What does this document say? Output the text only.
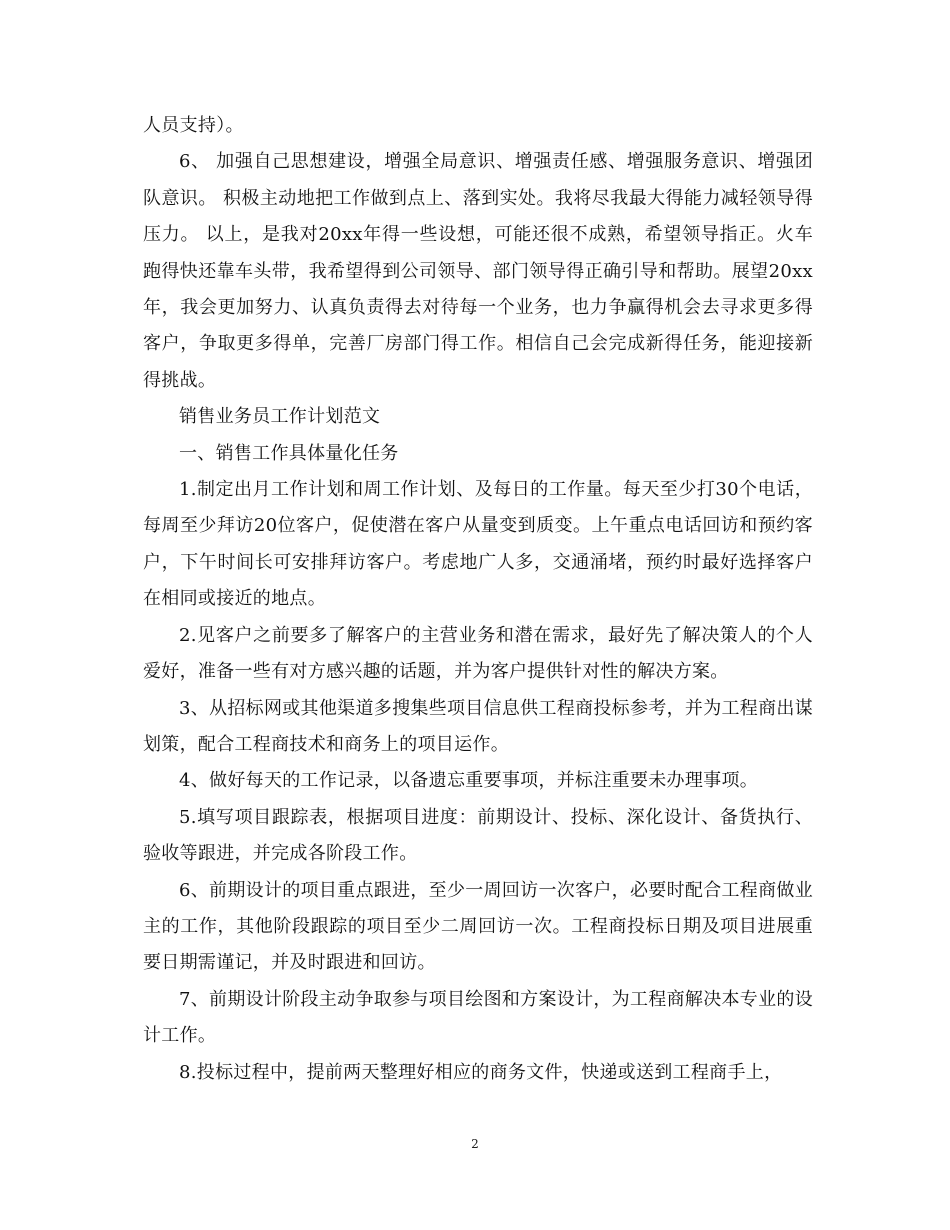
人员支持）。

6、 加强自己思想建设，增强全局意识、增强责任感、增强服务意识、增强团队意识。 积极主动地把工作做到点上、落到实处。我将尽我最大得能力减轻领导得压力。 以上，是我对20xx年得一些设想，可能还很不成熟，希望领导指正。火车跑得快还靠车头带，我希望得到公司领导、部门领导得正确引导和帮助。展望20xx年，我会更加努力、认真负责得去对待每一个业务，也力争赢得机会去寻求更多得客户，争取更多得单，完善厂房部门得工作。相信自己会完成新得任务，能迎接新得挑战。

销售业务员工作计划范文

一、销售工作具体量化任务

1.制定出月工作计划和周工作计划、及每日的工作量。每天至少打30个电话，每周至少拜访20位客户，促使潜在客户从量变到质变。上午重点电话回访和预约客户，下午时间长可安排拜访客户。考虑地广人多，交通涌堵，预约时最好选择客户在相同或接近的地点。

2.见客户之前要多了解客户的主营业务和潜在需求，最好先了解决策人的个人爱好，准备一些有对方感兴趣的话题，并为客户提供针对性的解决方案。

3、从招标网或其他渠道多搜集些项目信息供工程商投标参考，并为工程商出谋划策，配合工程商技术和商务上的项目运作。

4、做好每天的工作记录，以备遗忘重要事项，并标注重要未办理事项。

5.填写项目跟踪表，根据项目进度：前期设计、投标、深化设计、备货执行、验收等跟进，并完成各阶段工作。

6、前期设计的项目重点跟进，至少一周回访一次客户，必要时配合工程商做业主的工作，其他阶段跟踪的项目至少二周回访一次。工程商投标日期及项目进展重要日期需谨记，并及时跟进和回访。

7、前期设计阶段主动争取参与项目绘图和方案设计，为工程商解决本专业的设计工作。

8.投标过程中，提前两天整理好相应的商务文件，快递或送到工程商手上，

2
